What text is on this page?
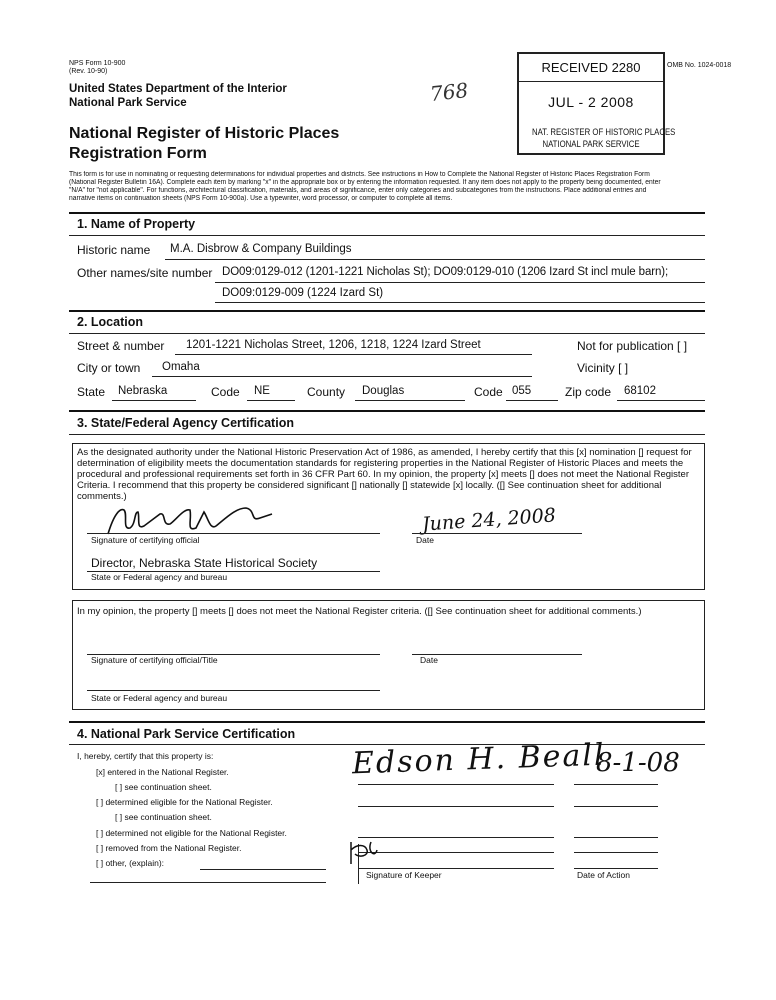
NPS Form 10-900
(Rev. 10-90)
United States Department of the Interior
National Park Service
National Register of Historic Places
Registration Form
768
OMB No. 1024-0018
RECEIVED 2280
JUL - 2 2008
NAT. REGISTER OF HISTORIC PLACES
NATIONAL PARK SERVICE
This form is for use in nominating or requesting determinations for individual properties and districts. See instructions in How to Complete the National Register of Historic Places Registration Form
(National Register Bulletin 16A). Complete each item by marking "x" in the appropriate box or by entering the information requested. If any item does not apply to the property being documented, enter
"N/A" for "not applicable". For functions, architectural classification, materials, and areas of significance, enter only categories and subcategories from the instructions. Place additional entries and
narrative items on continuation sheets (NPS Form 10-900a). Use a typewriter, word processor, or computer to complete all items.
1. Name of Property
Historic name M.A. Disbrow & Company Buildings
Other names/site number DO09:0129-012 (1201-1221 Nicholas St); DO09:0129-010 (1206 Izard St incl mule barn);
DO09:0129-009 (1224 Izard St)
2. Location
Street & number 1201-1221 Nicholas Street, 1206, 1218, 1224 Izard Street	Not for publication [ ]
City or town Omaha	Vicinity [ ]
State Nebraska	Code NE	County Douglas	Code 055	Zip code 68102
3. State/Federal Agency Certification
As the designated authority under the National Historic Preservation Act of 1986, as amended, I hereby certify that this [x] nomination [] request for
determination of eligibility meets the documentation standards for registering properties in the National Register of Historic Places and meets the
procedural and professional requirements set forth in 36 CFR Part 60. In my opinion, the property [x] meets [] does not meet the National Register
Criteria. I recommend that this property be considered significant [] nationally [] statewide [x] locally. ([] See continuation sheet for additional
comments.)
Signature of certifying official
June 24, 2008
Date
Director, Nebraska State Historical Society
State or Federal agency and bureau
In my opinion, the property [] meets [] does not meet the National Register criteria. ([] See continuation sheet for additional comments.)
Signature of certifying official/Title	Date
State or Federal agency and bureau
4. National Park Service Certification
I, hereby, certify that this property is:
[x] entered in the National Register.
[ ] see continuation sheet.
[ ] determined eligible for the National Register.
[ ] see continuation sheet.
[ ] determined not eligible for the National Register.
[ ] removed from the National Register.
[ ] other, (explain):
Edson H. Beall
8-1-08
Signature of Keeper	Date of Action
